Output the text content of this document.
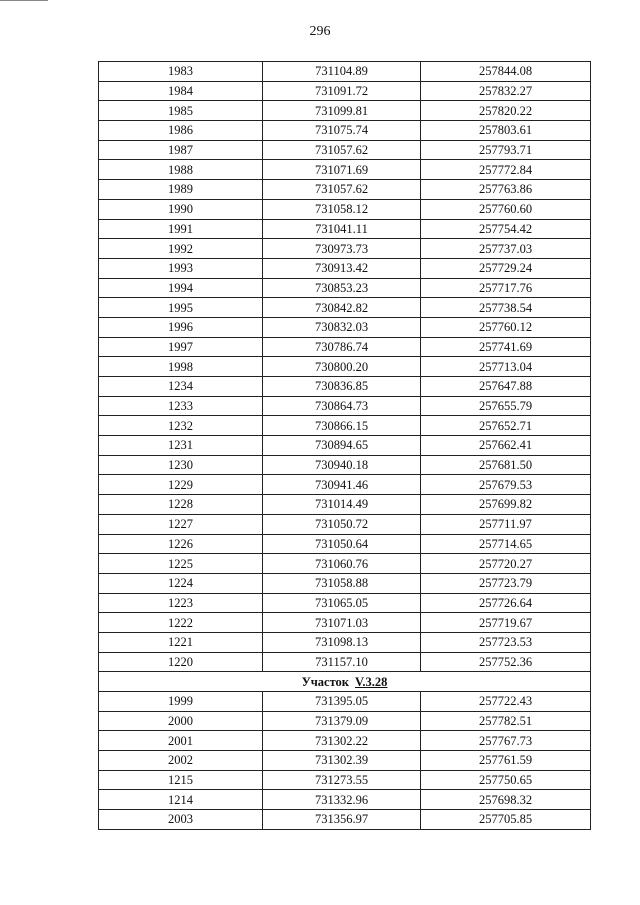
296
1983	731104.89	257844.08
1984	731091.72	257832.27
1985	731099.81	257820.22
1986	731075.74	257803.61
1987	731057.62	257793.71
1988	731071.69	257772.84
1989	731057.62	257763.86
1990	731058.12	257760.60
1991	731041.11	257754.42
1992	730973.73	257737.03
1993	730913.42	257729.24
1994	730853.23	257717.76
1995	730842.82	257738.54
1996	730832.03	257760.12
1997	730786.74	257741.69
1998	730800.20	257713.04
1234	730836.85	257647.88
1233	730864.73	257655.79
1232	730866.15	257652.71
1231	730894.65	257662.41
1230	730940.18	257681.50
1229	730941.46	257679.53
1228	731014.49	257699.82
1227	731050.72	257711.97
1226	731050.64	257714.65
1225	731060.76	257720.27
1224	731058.88	257723.79
1223	731065.05	257726.64
1222	731071.03	257719.67
1221	731098.13	257723.53
1220	731157.10	257752.36
Участок V.3.28		
1999	731395.05	257722.43
2000	731379.09	257782.51
2001	731302.22	257767.73
2002	731302.39	257761.59
1215	731273.55	257750.65
1214	731332.96	257698.32
2003	731356.97	257705.85
